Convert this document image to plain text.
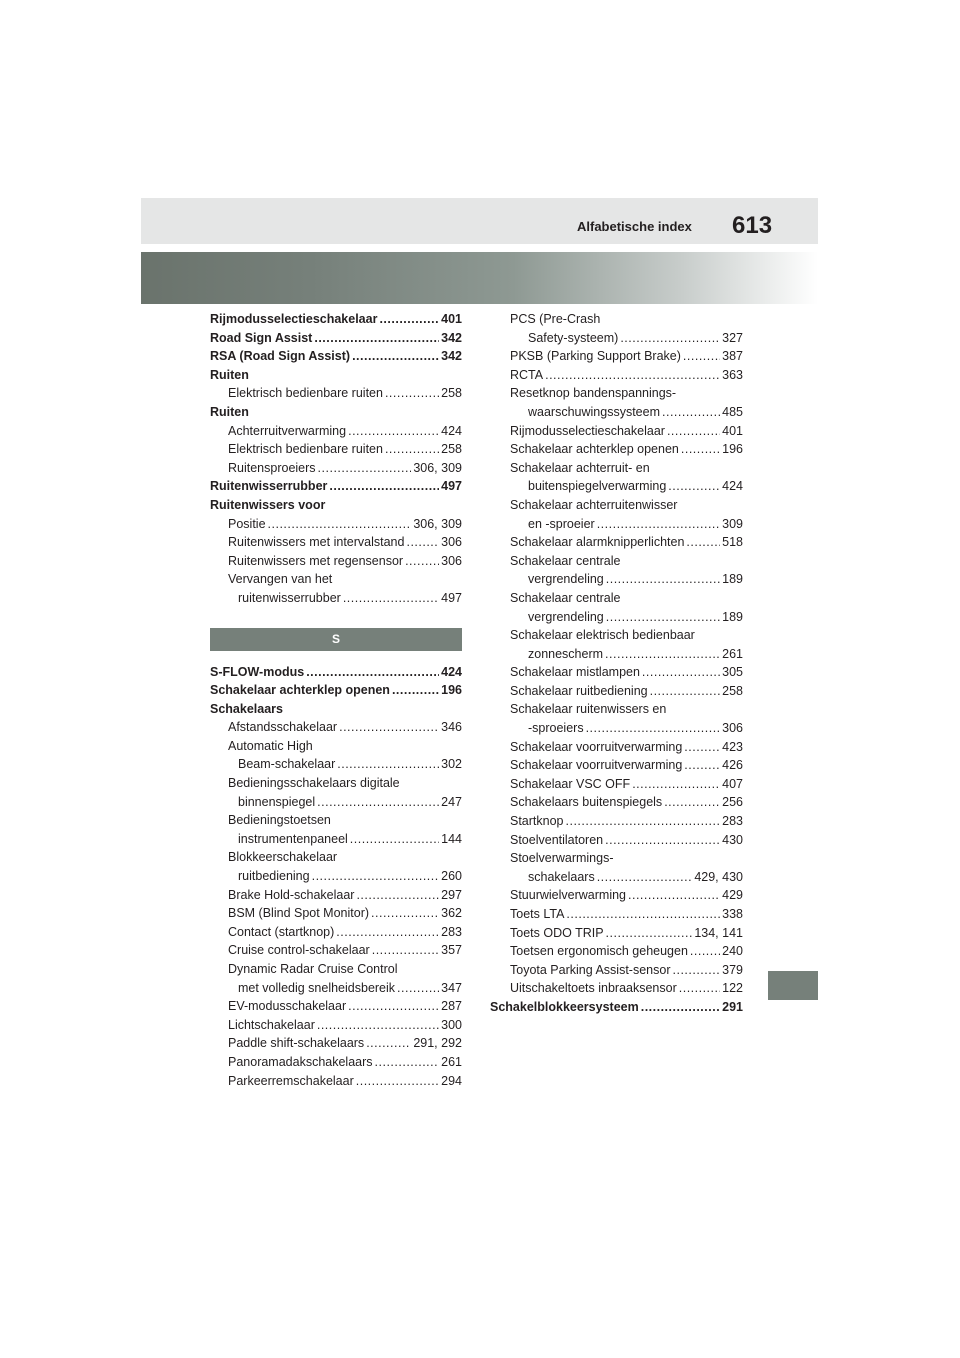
Alfabetische index 613
Rijmodusselectieschakelaar .....	401
Road Sign Assist .....	342
RSA (Road Sign Assist) .....	342
Ruiten
Elektrisch bedienbare ruiten .....	258
Ruiten
Achterruitverwarming .....	424
Elektrisch bedienbare ruiten .....	258
Ruitensproeiers .....	306, 309
Ruitenwisserrubber .....	497
Ruitenwissers voor
Positie .....	306, 309
Ruitenwissers met intervalstand .....	306
Ruitenwissers met regensensor .....	306
Vervangen van het
ruitenwisserrubber .....	497
S
S-FLOW-modus .....	424
Schakelaar achterklep openen .....	196
Schakelaars
Afstandsschakelaar .....	346
Automatic High
Beam-schakelaar .....	302
Bedieningsschakelaars digitale
binnenspiegel .....	247
Bedieningstoetsen
instrumentenpaneel .....	144
Blokkeerschakelaar
ruitbediening .....	260
Brake Hold-schakelaar .....	297
BSM (Blind Spot Monitor) .....	362
Contact (startknop) .....	283
Cruise control-schakelaar .....	357
Dynamic Radar Cruise Control
met volledig snelheidsbereik .....	347
EV-modusschakelaar .....	287
Lichtschakelaar .....	300
Paddle shift-schakelaars .....	291, 292
Panoramadakschakelaars .....	261
Parkeerremschakelaar .....	294
PCS (Pre-Crash
Safety-systeem) .....	327
PKSB (Parking Support Brake) .....	387
RCTA .....	363
Resetknop bandenspannings-
waarschuwingssysteem .....	485
Rijmodusselectieschakelaar .....	401
Schakelaar achterklep openen .....	196
Schakelaar achterruit- en
buitenspiegelverwarming .....	424
Schakelaar achterruitenwisser
en -sproeier .....	309
Schakelaar alarmknipperlichten .....	518
Schakelaar centrale
vergrendeling .....	189
Schakelaar centrale
vergrendeling .....	189
Schakelaar elektrisch bedienbaar
zonnescherm .....	261
Schakelaar mistlampen .....	305
Schakelaar ruitbediening .....	258
Schakelaar ruitenwissers en
-sproeiers .....	306
Schakelaar voorruitverwarming .....	423
Schakelaar voorruitverwarming .....	426
Schakelaar VSC OFF .....	407
Schakelaars buitenspiegels .....	256
Startknop .....	283
Stoelventilatoren .....	430
Stoelverwarmings-
schakelaars .....	429, 430
Stuurwielverwarming .....	429
Toets LTA .....	338
Toets ODO TRIP .....	134, 141
Toetsen ergonomisch geheugen .....	240
Toyota Parking Assist-sensor .....	379
Uitschakeltoets inbraaksensor .....	122
Schakelblokkeersysteem .....	291
